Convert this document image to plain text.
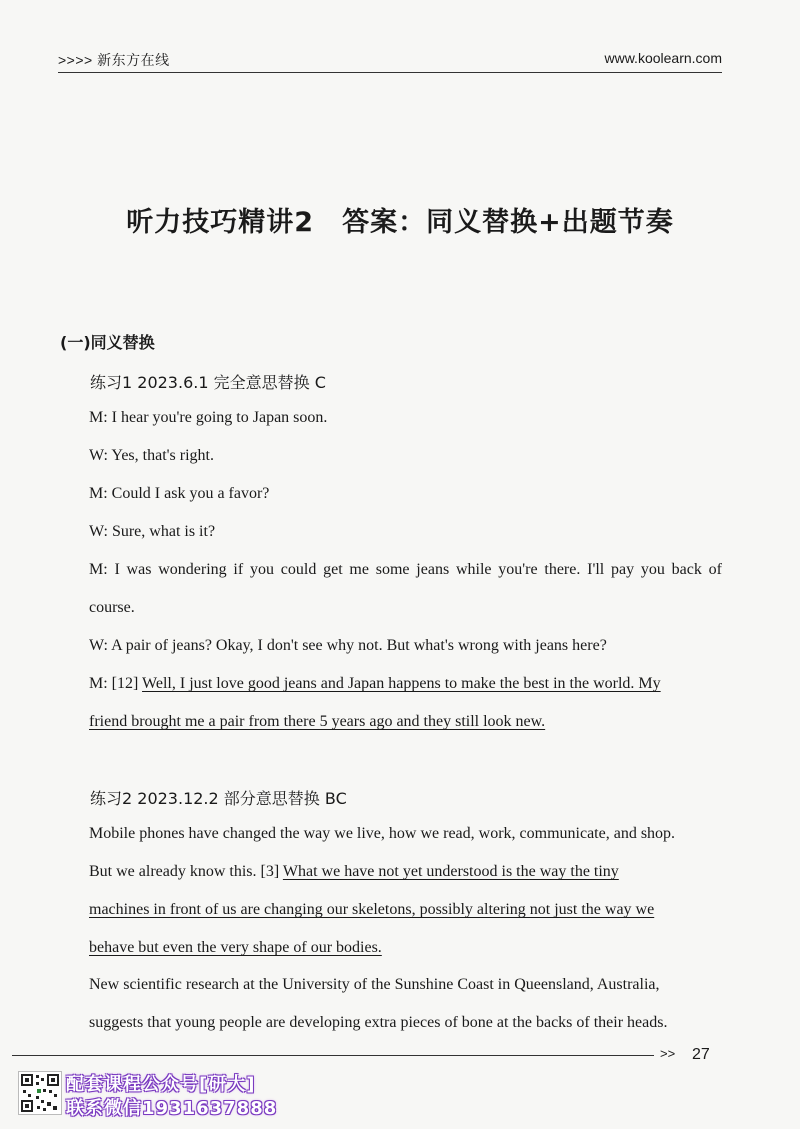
>>>> 新东方在线	www.koolearn.com
听力技巧精讲2　答案：同义替换+出题节奏
(一)同义替换
练习1 2023.6.1 完全意思替换 C
M: I hear you're going to Japan soon.
W: Yes, that's right.
M: Could I ask you a favor?
W: Sure, what is it?
M: I was wondering if you could get me some jeans while you're there. I'll pay you back of
course.
W: A pair of jeans? Okay, I don't see why not. But what's wrong with jeans here?
M: [12] Well, I just love good jeans and Japan happens to make the best in the world. My
friend brought me a pair from there 5 years ago and they still look new.
练习2 2023.12.2 部分意思替换 BC
Mobile phones have changed the way we live, how we read, work, communicate, and shop.
But we already know this. [3] What we have not yet understood is the way the tiny
machines in front of us are changing our skeletons, possibly altering not just the way we
behave but even the very shape of our bodies.
New scientific research at the University of the Sunshine Coast in Queensland, Australia,
suggests that young people are developing extra pieces of bone at the backs of their heads.
>> 27
配套课程公众号[研大]
联系微信1931637888
